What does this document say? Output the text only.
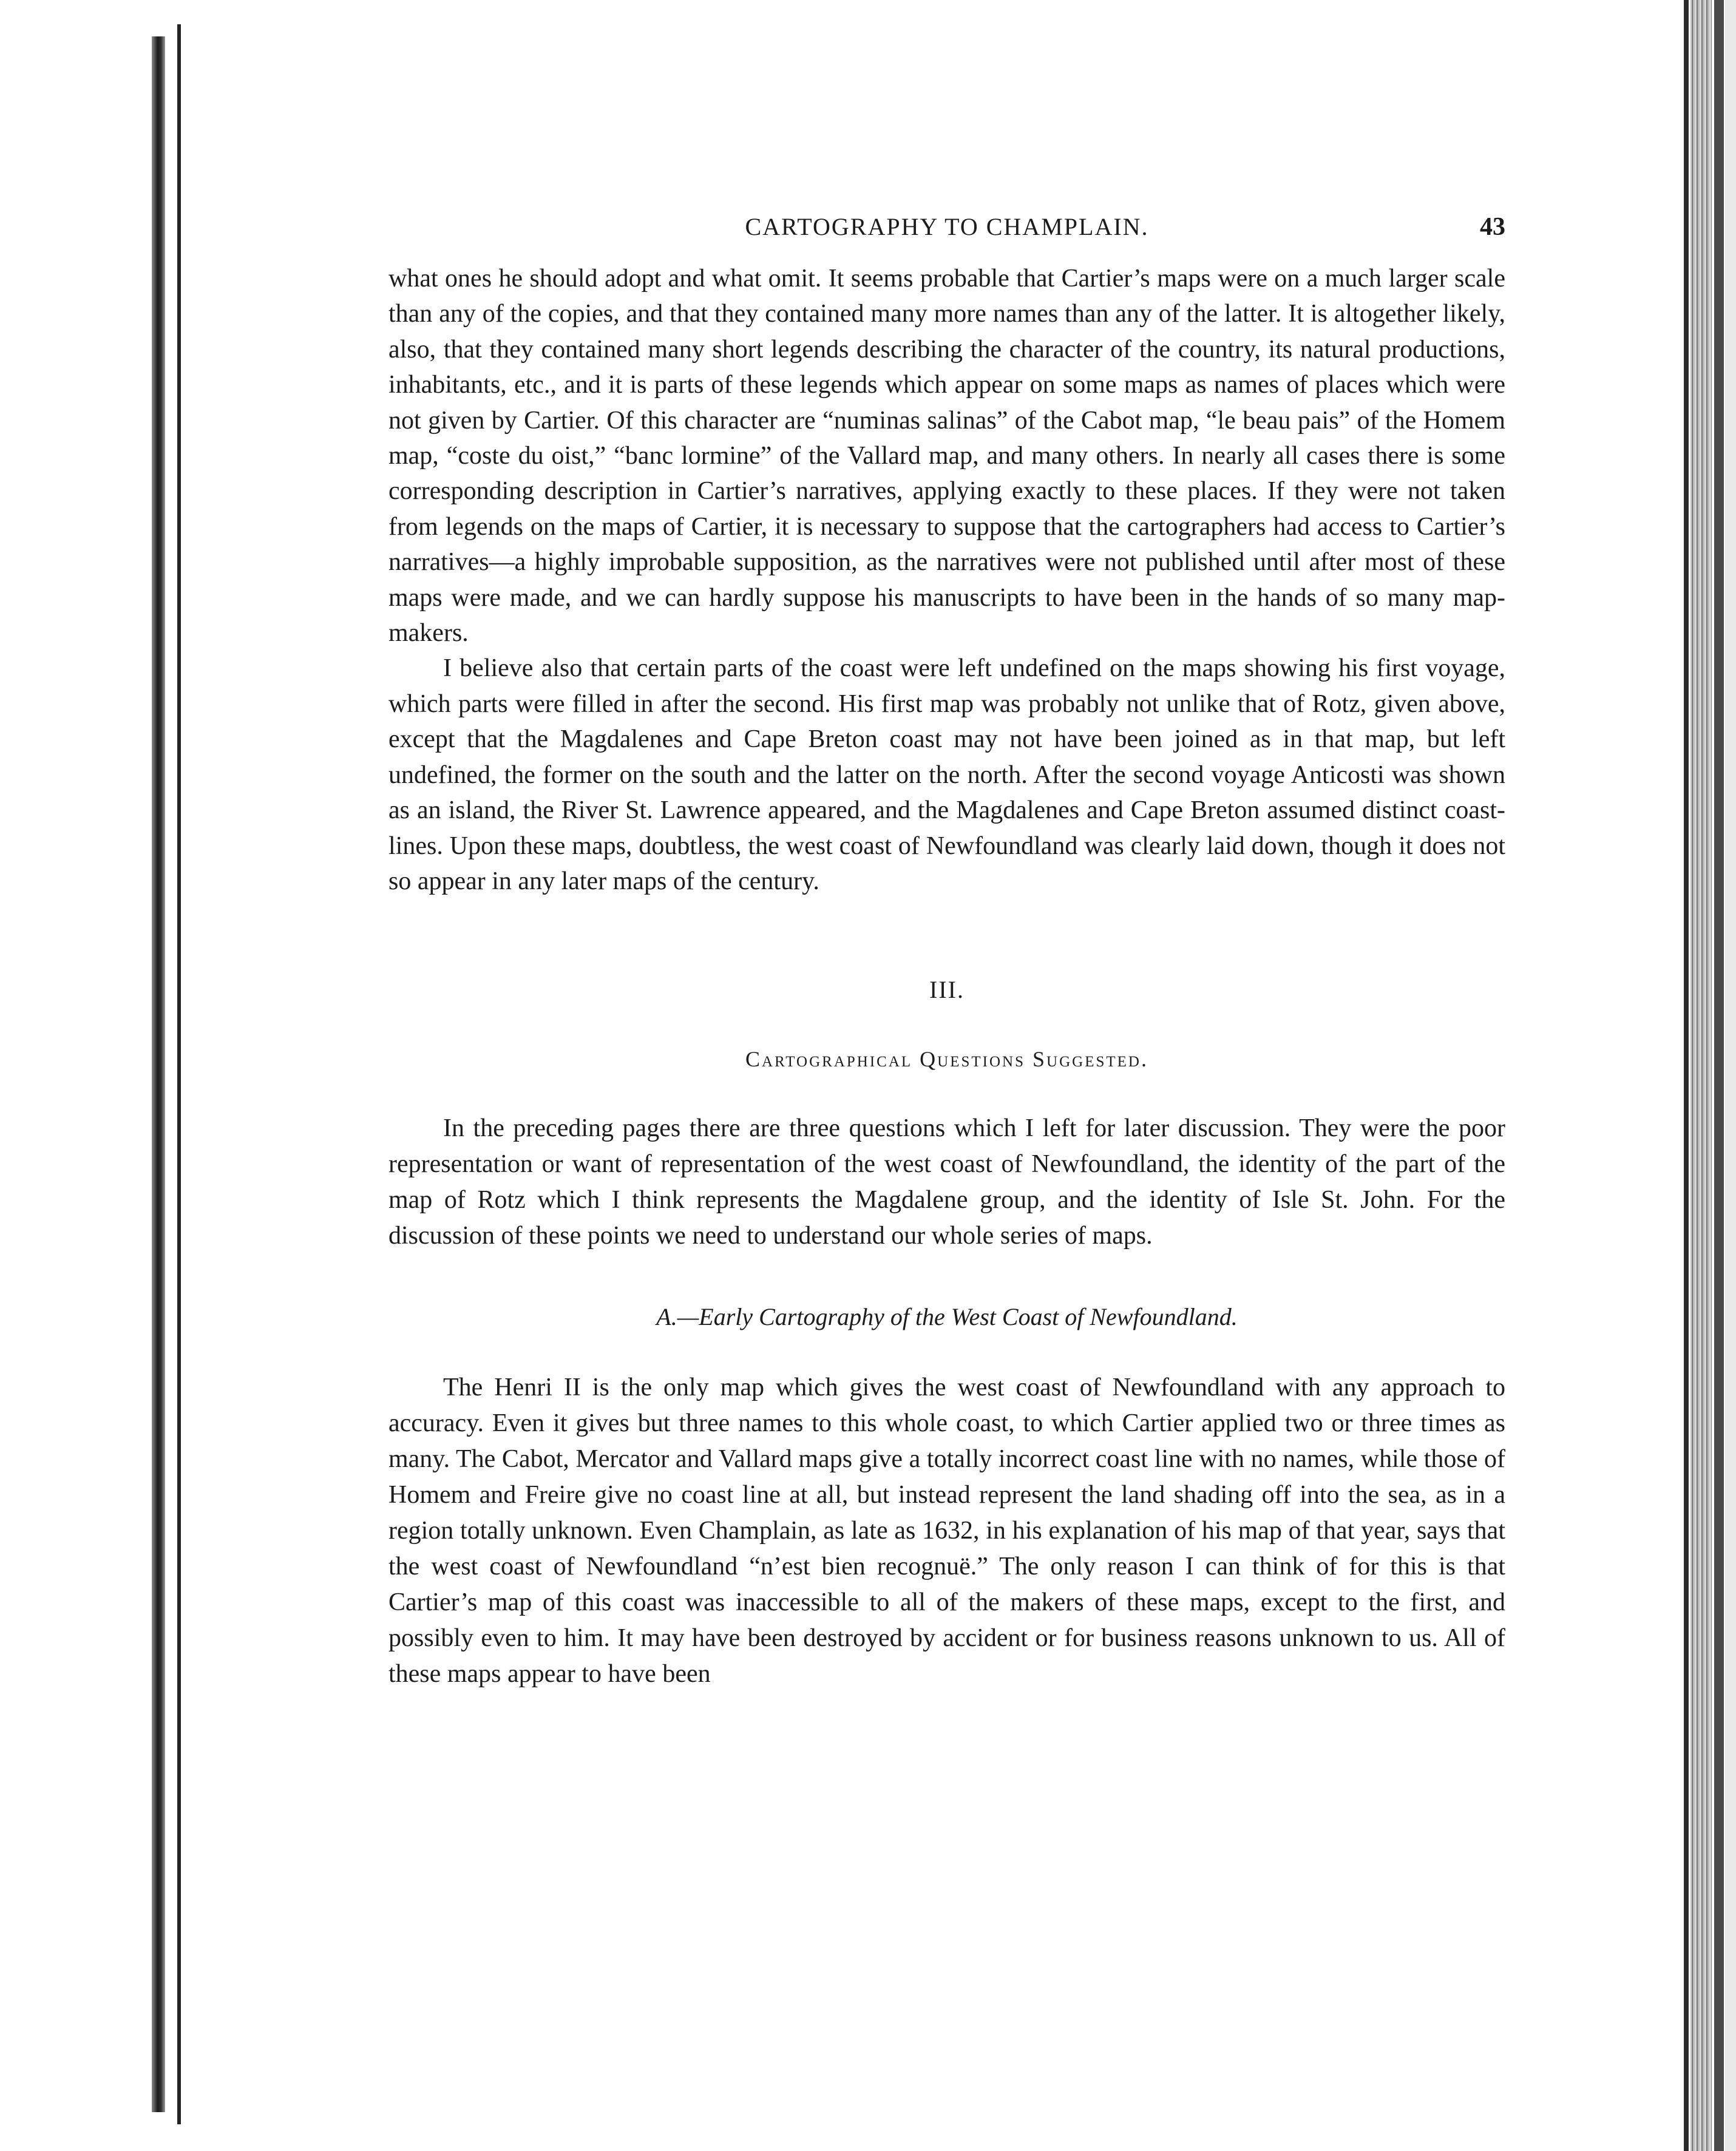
CARTOGRAPHY TO CHAMPLAIN.	43

what ones he should adopt and what omit. It seems probable that Cartier’s maps were on a much larger scale than any of the copies, and that they contained many more names than any of the latter. It is altogether likely, also, that they contained many short legends describing the character of the country, its natural productions, inhabitants, etc., and it is parts of these legends which appear on some maps as names of places which were not given by Cartier. Of this character are “numinas salinas” of the Cabot map, “le beau pais” of the Homem map, “coste du oist,” “banc lormine” of the Vallard map, and many others. In nearly all cases there is some corresponding description in Cartier’s narratives, applying exactly to these places. If they were not taken from legends on the maps of Cartier, it is necessary to suppose that the cartographers had access to Cartier’s narratives—a highly improbable supposition, as the narratives were not published until after most of these maps were made, and we can hardly suppose his manuscripts to have been in the hands of so many map-makers.

I believe also that certain parts of the coast were left undefined on the maps showing his first voyage, which parts were filled in after the second. His first map was probably not unlike that of Rotz, given above, except that the Magdalenes and Cape Breton coast may not have been joined as in that map, but left undefined, the former on the south and the latter on the north. After the second voyage Anticosti was shown as an island, the River St. Lawrence appeared, and the Magdalenes and Cape Breton assumed distinct coast-lines. Upon these maps, doubtless, the west coast of Newfoundland was clearly laid down, though it does not so appear in any later maps of the century.

III.
Cartographical Questions Suggested.

In the preceding pages there are three questions which I left for later discussion. They were the poor representation or want of representation of the west coast of Newfoundland, the identity of the part of the map of Rotz which I think represents the Magdalene group, and the identity of Isle St. John. For the discussion of these points we need to understand our whole series of maps.

A.—Early Cartography of the West Coast of Newfoundland.

The Henri II is the only map which gives the west coast of Newfoundland with any approach to accuracy. Even it gives but three names to this whole coast, to which Cartier applied two or three times as many. The Cabot, Mercator and Vallard maps give a totally incorrect coast line with no names, while those of Homem and Freire give no coast line at all, but instead represent the land shading off into the sea, as in a region totally unknown. Even Champlain, as late as 1632, in his explanation of his map of that year, says that the west coast of Newfoundland “n’est bien recognuë.” The only reason I can think of for this is that Cartier’s map of this coast was inaccessible to all of the makers of these maps, except to the first, and possibly even to him. It may have been destroyed by accident or for business reasons unknown to us. All of these maps appear to have been
